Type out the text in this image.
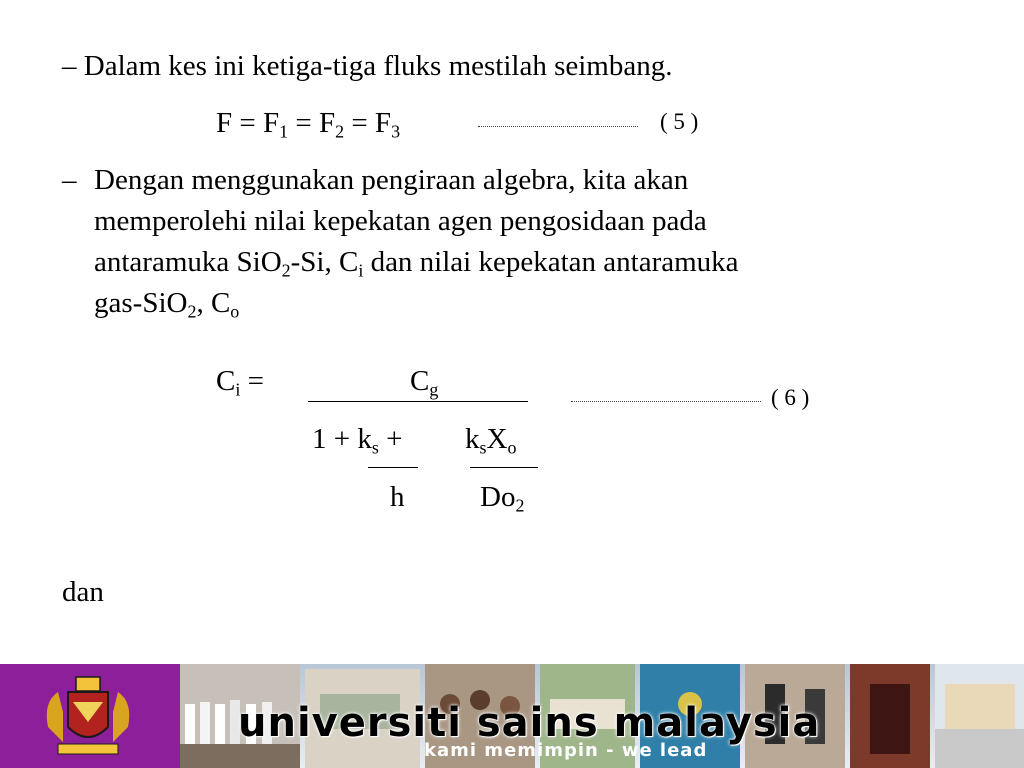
– Dalam kes ini ketiga-tiga fluks mestilah seimbang.
$F = F_1 = F_2 = F_3$	( 5 )
– Dengan menggunakan pengiraan algebra, kita akan
memperolehi nilai kepekatan agen pengosidaan pada
antaramuka SiO$_2$-Si, $C_i$ dan nilai kepekatan antaramuka
gas-SiO$_2$, $C_o$
$C_i$ =	$C_g$	( 6 )
$1 + k_s + k_sX_o$
h	$Do_2$
dan
universiti sains malaysia
kami memimpin - we lead
